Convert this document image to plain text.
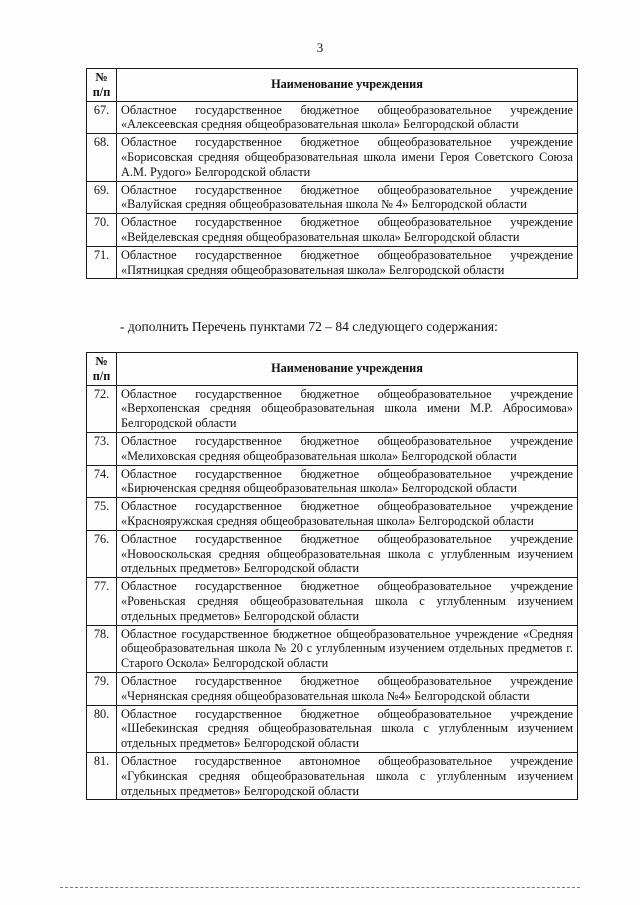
3
№
п/п	Наименование учреждения
67.	Областное государственное бюджетное общеобразовательное учреждение «Алексеевская средняя общеобразовательная школа» Белгородской области
68.	Областное государственное бюджетное общеобразовательное учреждение «Борисовская средняя общеобразовательная школа имени Героя Советского Союза А.М. Рудого» Белгородской области
69.	Областное государственное бюджетное общеобразовательное учреждение «Валуйская средняя общеобразовательная школа № 4» Белгородской области
70.	Областное государственное бюджетное общеобразовательное учреждение «Вейделевская средняя общеобразовательная школа» Белгородской области
71.	Областное государственное бюджетное общеобразовательное учреждение «Пятницкая средняя общеобразовательная школа» Белгородской области
- дополнить Перечень пунктами 72 – 84 следующего содержания:
№
п/п	Наименование учреждения
72.	Областное государственное бюджетное общеобразовательное учреждение «Верхопенская средняя общеобразовательная школа имени М.Р. Абросимова» Белгородской области
73.	Областное государственное бюджетное общеобразовательное учреждение «Мелиховская средняя общеобразовательная школа» Белгородской области
74.	Областное государственное бюджетное общеобразовательное учреждение «Бирюченская средняя общеобразовательная школа» Белгородской области
75.	Областное государственное бюджетное общеобразовательное учреждение «Краснояружская средняя общеобразовательная школа» Белгородской области
76.	Областное государственное бюджетное общеобразовательное учреждение «Новооскольская средняя общеобразовательная школа с углубленным изучением отдельных предметов» Белгородской области
77.	Областное государственное бюджетное общеобразовательное учреждение «Ровеньская средняя общеобразовательная школа с углубленным изучением отдельных предметов» Белгородской области
78.	Областное государственное бюджетное общеобразовательное учреждение «Средняя общеобразовательная школа № 20 с углубленным изучением отдельных предметов г. Старого Оскола» Белгородской области
79.	Областное государственное бюджетное общеобразовательное учреждение «Чернянская средняя общеобразовательная школа №4» Белгородской области
80.	Областное государственное бюджетное общеобразовательное учреждение «Шебекинская средняя общеобразовательная школа с углубленным изучением отдельных предметов» Белгородской области
81.	Областное государственное автономное общеобразовательное учреждение «Губкинская средняя общеобразовательная школа с углубленным изучением отдельных предметов» Белгородской области
